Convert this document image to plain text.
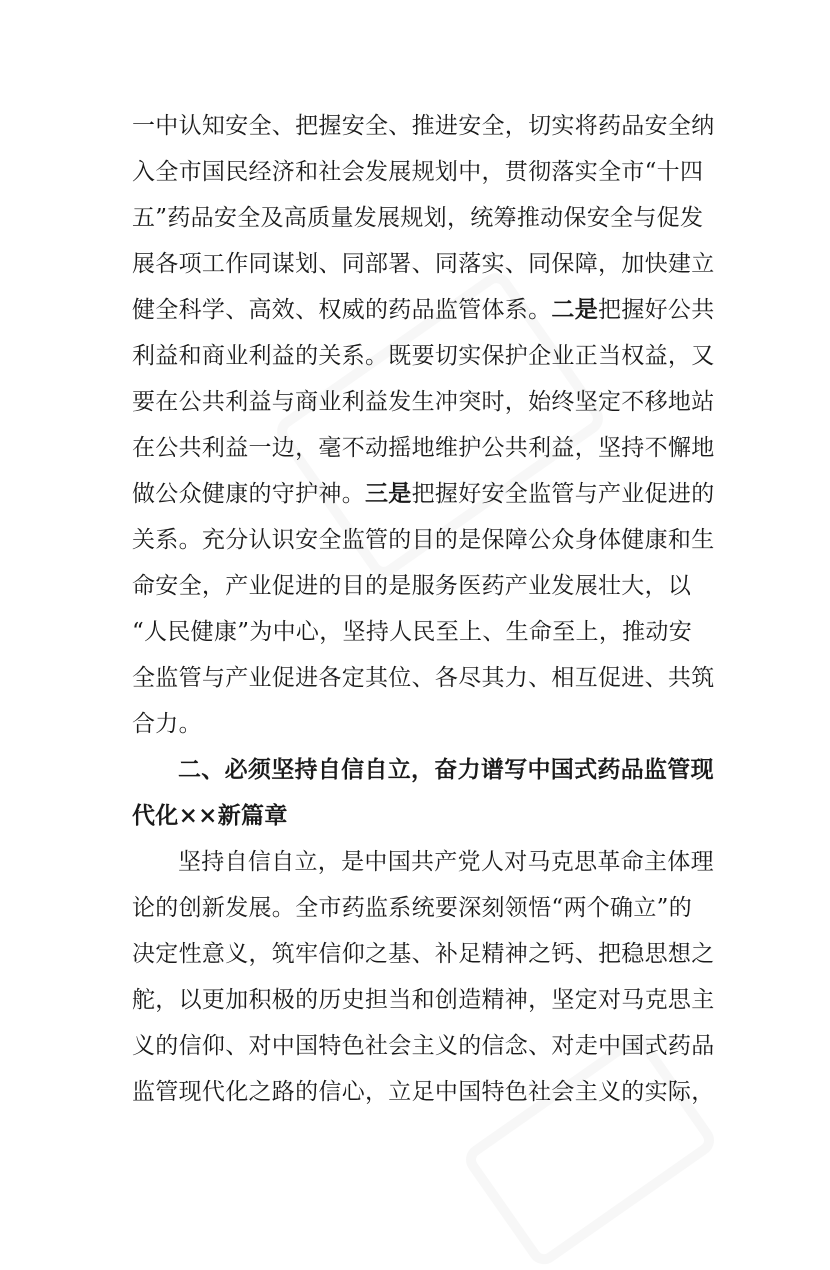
一中认知安全、把握安全、推进安全，切实将药品安全纳
入全市国民经济和社会发展规划中，贯彻落实全市“十四
五”药品安全及高质量发展规划，统筹推动保安全与促发
展各项工作同谋划、同部署、同落实、同保障，加快建立
健全科学、高效、权威的药品监管体系。二是把握好公共
利益和商业利益的关系。既要切实保护企业正当权益，又
要在公共利益与商业利益发生冲突时，始终坚定不移地站
在公共利益一边，毫不动摇地维护公共利益，坚持不懈地
做公众健康的守护神。三是把握好安全监管与产业促进的
关系。充分认识安全监管的目的是保障公众身体健康和生
命安全，产业促进的目的是服务医药产业发展壮大，以
“人民健康”为中心，坚持人民至上、生命至上，推动安
全监管与产业促进各定其位、各尽其力、相互促进、共筑
合力。
二、必须坚持自信自立，奋力谱写中国式药品监管现
代化××新篇章
坚持自信自立，是中国共产党人对马克思革命主体理
论的创新发展。全市药监系统要深刻领悟“两个确立”的
决定性意义，筑牢信仰之基、补足精神之钙、把稳思想之
舵，以更加积极的历史担当和创造精神，坚定对马克思主
义的信仰、对中国特色社会主义的信念、对走中国式药品
监管现代化之路的信心，立足中国特色社会主义的实际，
